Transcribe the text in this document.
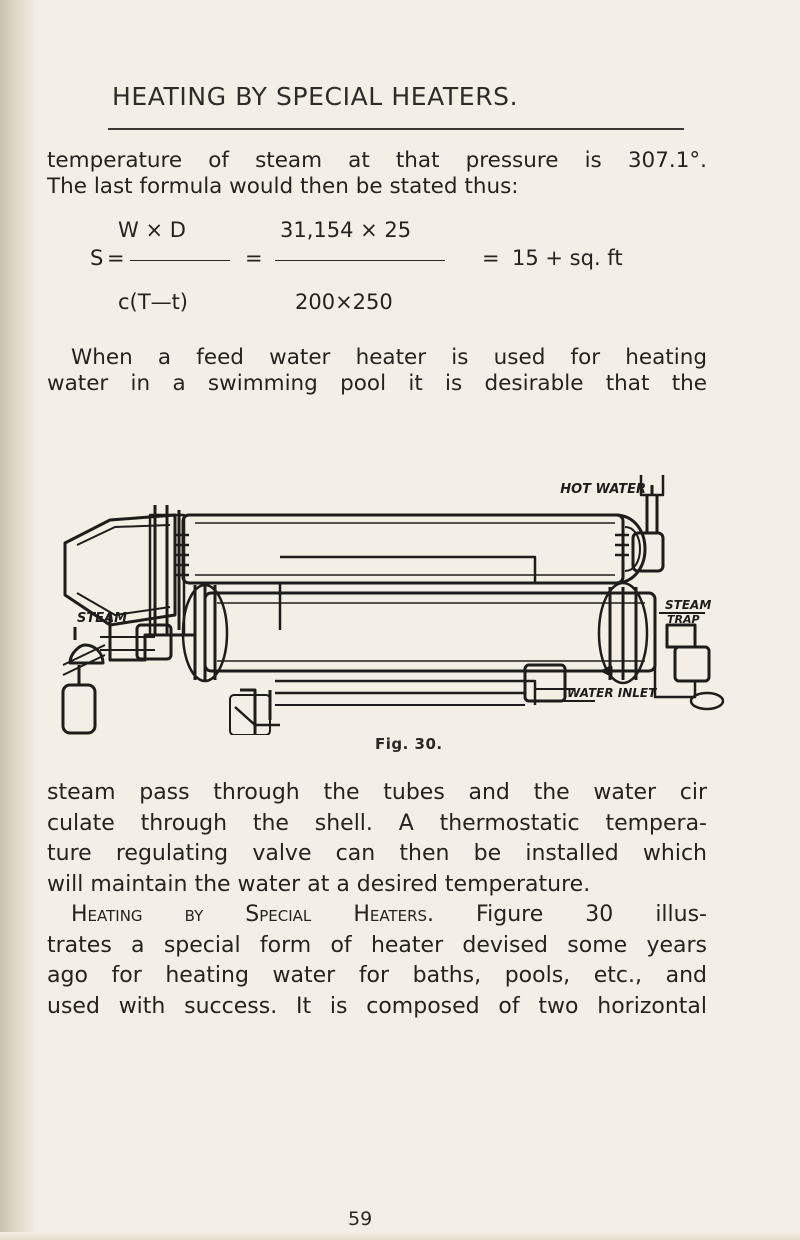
HEATING BY SPECIAL HEATERS.
temperature of steam at that pressure is 307.1°.
The last formula would then be stated thus:
S =
W × D
c(T—t)
=
31,154 × 25
200×250
= 15 + sq. ft
When a feed water heater is used for heating
water in a swimming pool it is desirable that the
HOT WATER
STEAM
STEAM
TRAP
WATER INLET
Fig. 30.
steam pass through the tubes and the water cir
culate through the shell. A thermostatic tempera-
ture regulating valve can then be installed which
will maintain the water at a desired temperature.
Heating by Special Heaters. Figure 30 illus-
trates a special form of heater devised some years
ago for heating water for baths, pools, etc., and
used with success. It is composed of two horizontal
59
